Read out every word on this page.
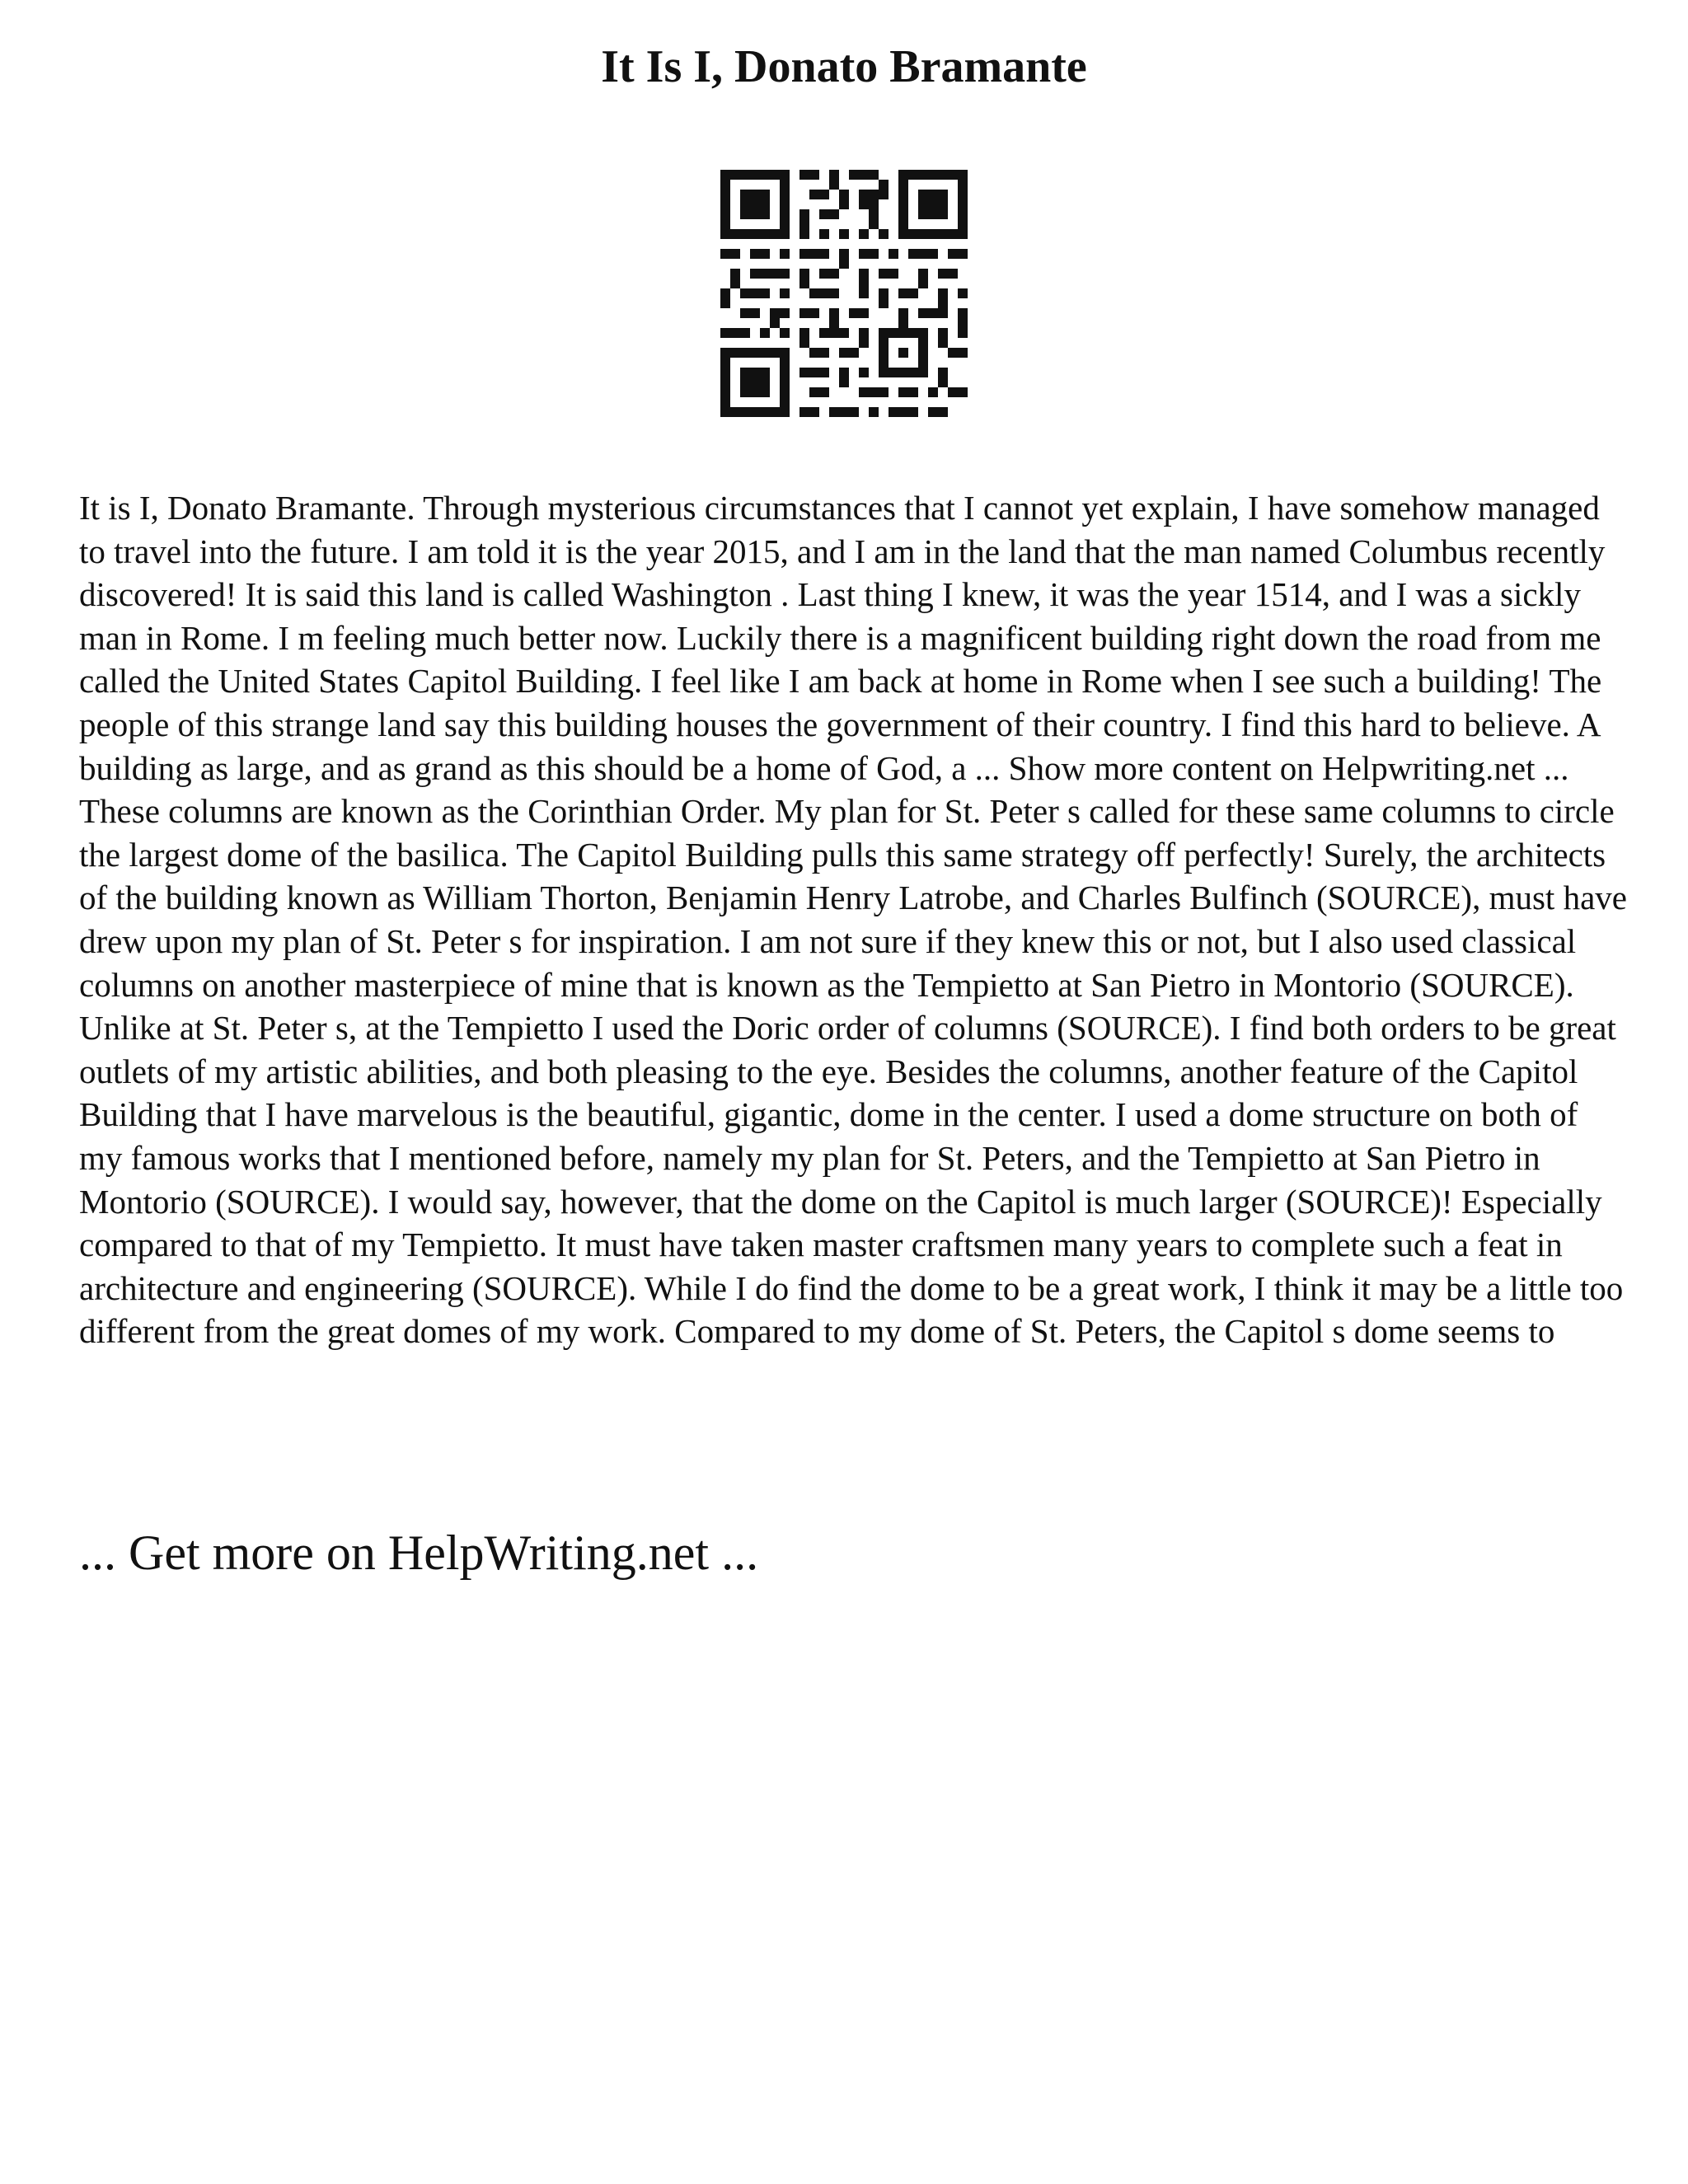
It Is I, Donato Bramante

It is I, Donato Bramante. Through mysterious circumstances that I cannot yet explain, I have somehow managed to travel into the future. I am told it is the year 2015, and I am in the land that the man named Columbus recently discovered! It is said this land is called Washington . Last thing I knew, it was the year 1514, and I was a sickly man in Rome. I m feeling much better now. Luckily there is a magnificent building right down the road from me called the United States Capitol Building. I feel like I am back at home in Rome when I see such a building! The people of this strange land say this building houses the government of their country. I find this hard to believe. A building as large, and as grand as this should be a home of God, a ... Show more content on Helpwriting.net ... These columns are known as the Corinthian Order. My plan for St. Peter s called for these same columns to circle the largest dome of the basilica. The Capitol Building pulls this same strategy off perfectly! Surely, the architects of the building known as William Thorton, Benjamin Henry Latrobe, and Charles Bulfinch (SOURCE), must have drew upon my plan of St. Peter s for inspiration. I am not sure if they knew this or not, but I also used classical columns on another masterpiece of mine that is known as the Tempietto at San Pietro in Montorio (SOURCE). Unlike at St. Peter s, at the Tempietto I used the Doric order of columns (SOURCE). I find both orders to be great outlets of my artistic abilities, and both pleasing to the eye. Besides the columns, another feature of the Capitol Building that I have marvelous is the beautiful, gigantic, dome in the center. I used a dome structure on both of my famous works that I mentioned before, namely my plan for St. Peters, and the Tempietto at San Pietro in Montorio (SOURCE). I would say, however, that the dome on the Capitol is much larger (SOURCE)! Especially compared to that of my Tempietto. It must have taken master craftsmen many years to complete such a feat in architecture and engineering (SOURCE). While I do find the dome to be a great work, I think it may be a little too different from the great domes of my work. Compared to my dome of St. Peters, the Capitol s dome seems to

... Get more on HelpWriting.net ...
